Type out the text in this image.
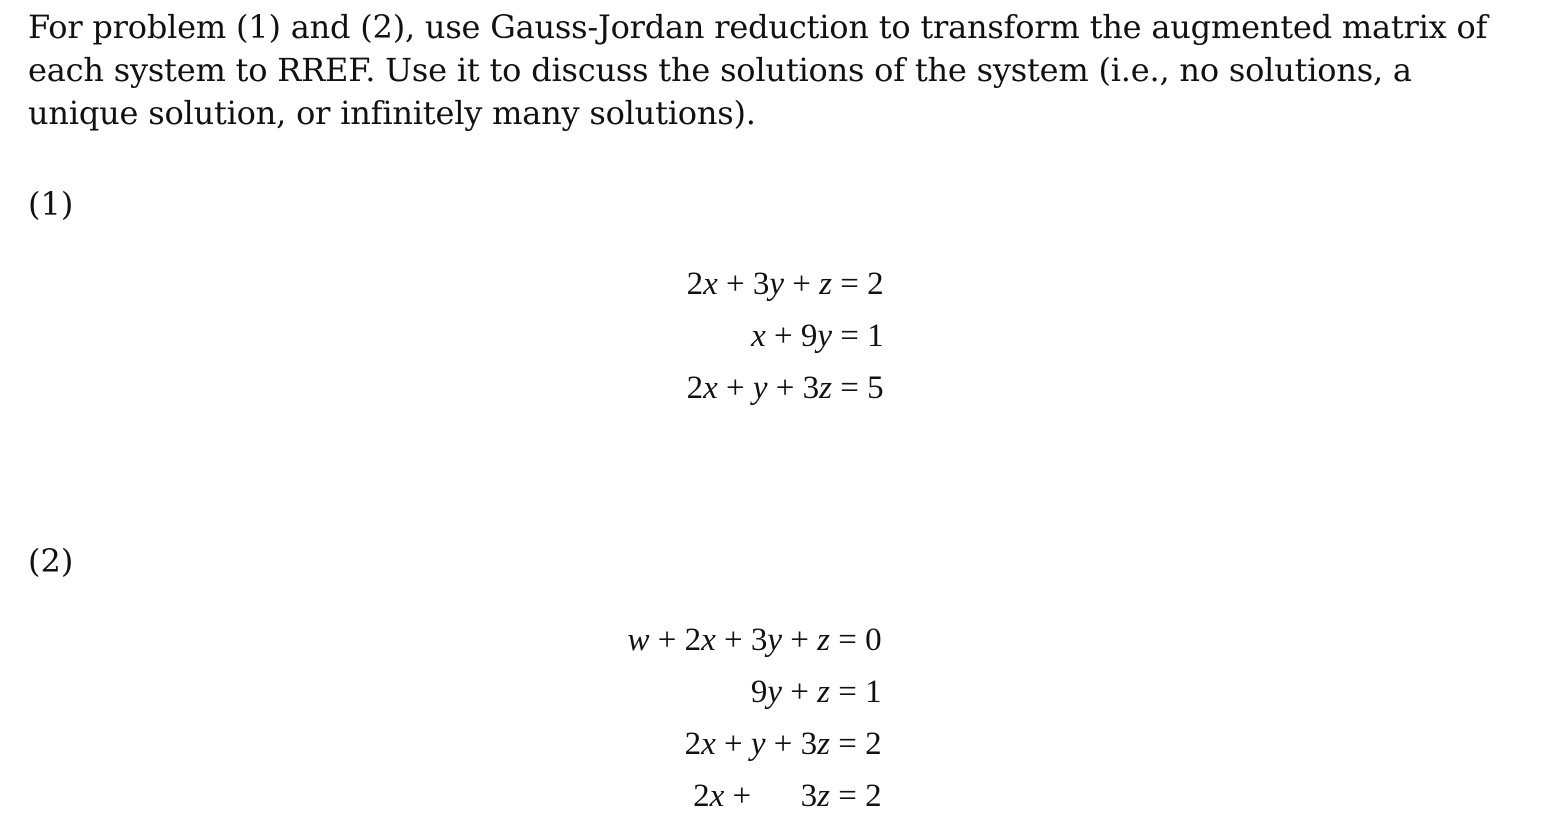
For problem (1) and (2), use Gauss-Jordan reduction to transform the augmented matrix of each system to RREF. Use it to discuss the solutions of the system (i.e., no solutions, a unique solution, or infinitely many solutions).

(1)

2x + 3y + z	= 2
x + 9y	= 1
2x + y + 3z	= 5

(2)

w + 2x + 3y + z	= 0
9y + z	= 1
2x + y + 3z	= 2
2x + 3z	= 2
